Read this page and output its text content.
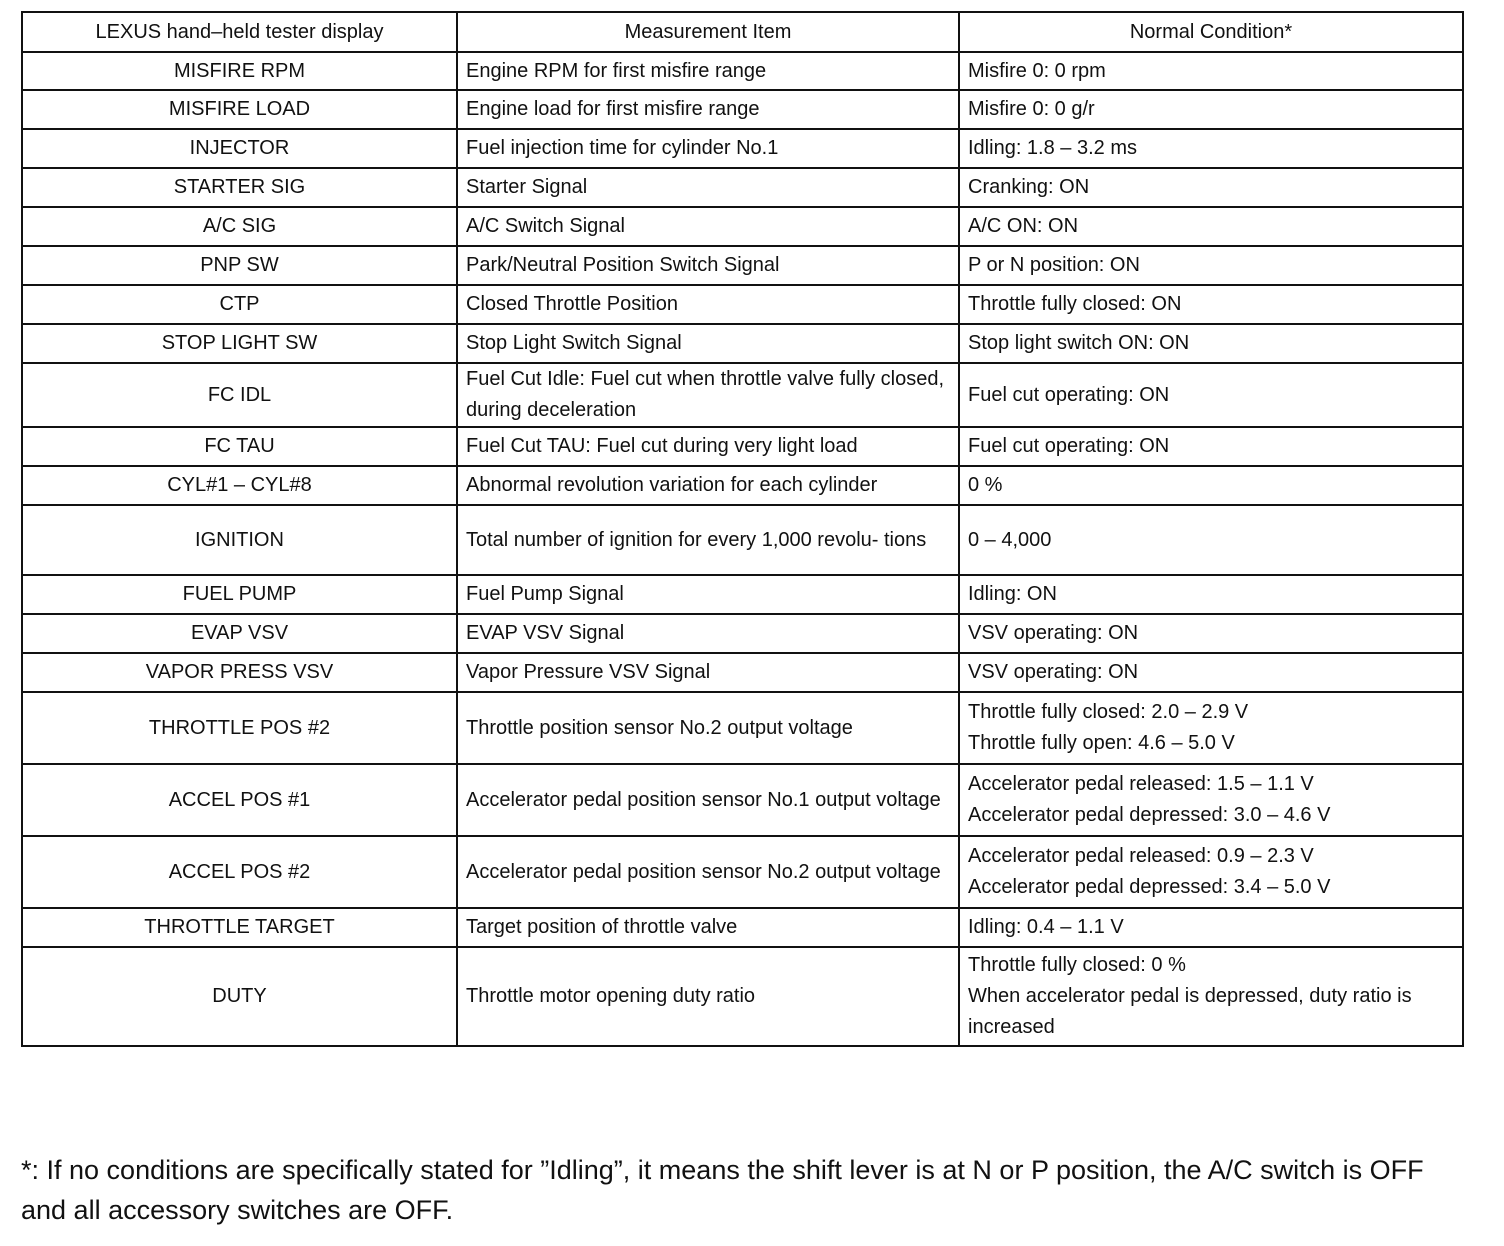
LEXUS hand–held tester display	Measurement Item	Normal Condition*
MISFIRE RPM	Engine RPM for first misfire range	Misfire 0: 0 rpm

MISFIRE LOAD	Engine load for first misfire range	Misfire 0: 0 g/r

INJECTOR	Fuel injection time for cylinder No.1	Idling: 1.8 – 3.2 ms

STARTER SIG	Starter Signal	Cranking: ON

A/C SIG	A/C Switch Signal	A/C ON: ON

PNP SW	Park/Neutral Position Switch Signal	P or N position: ON

CTP	Closed Throttle Position	Throttle fully closed: ON

STOP LIGHT SW	Stop Light Switch Signal	Stop light switch ON: ON

FC IDL	Fuel Cut Idle: Fuel cut when throttle valve fully closed, during deceleration	Fuel cut operating: ON

FC TAU	Fuel Cut TAU: Fuel cut during very light load	Fuel cut operating: ON

CYL#1 – CYL#8	Abnormal revolution variation for each cylinder	0 %

IGNITION	Total number of ignition for every 1,000 revolu- tions	0 – 4,000

FUEL PUMP	Fuel Pump Signal	Idling: ON

EVAP VSV	EVAP VSV Signal	VSV operating: ON

VAPOR PRESS VSV	Vapor Pressure VSV Signal	VSV operating: ON

THROTTLE POS #2	Throttle position sensor No.2 output voltage	Throttle fully closed: 2.0 – 2.9 V
Throttle fully open: 4.6 – 5.0 V

ACCEL POS #1	Accelerator pedal position sensor No.1 output voltage	Accelerator pedal released: 1.5 – 1.1 V
Accelerator pedal depressed: 3.0 – 4.6 V

ACCEL POS #2	Accelerator pedal position sensor No.2 output voltage	Accelerator pedal released: 0.9 – 2.3 V
Accelerator pedal depressed: 3.4 – 5.0 V

THROTTLE TARGET	Target position of throttle valve	Idling: 0.4 – 1.1 V

DUTY	Throttle motor opening duty ratio	Throttle fully closed: 0 %
When accelerator pedal is depressed, duty ratio is increased
*: If no conditions are specifically stated for ”Idling”, it means the shift lever is at N or P position, the A/C switch is OFF and all accessory switches are OFF.
